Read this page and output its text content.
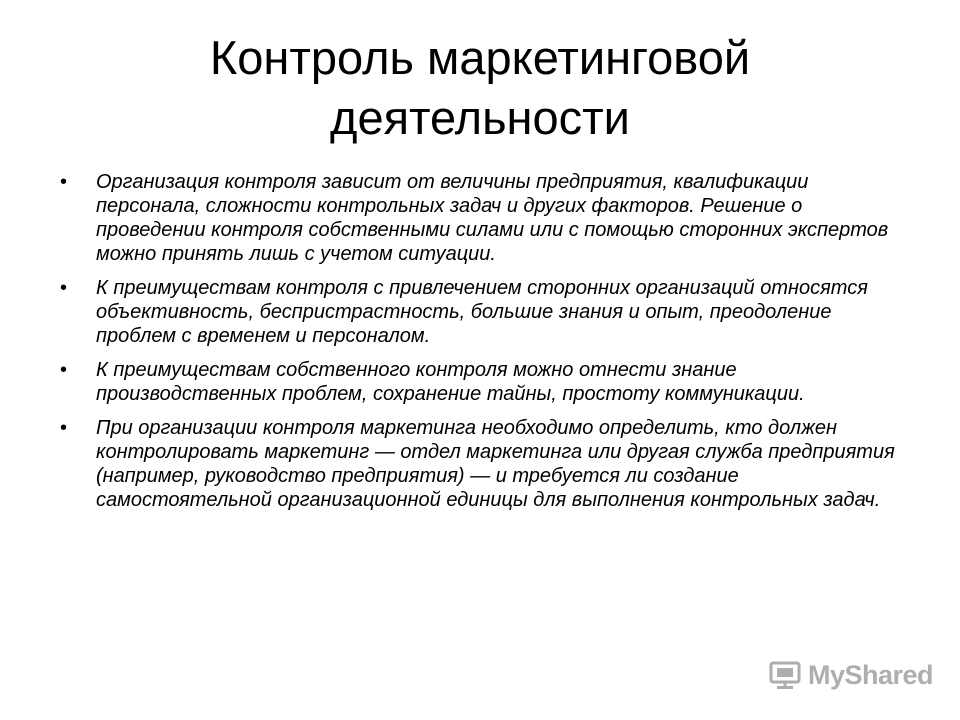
Контроль маркетинговой деятельности
• Организация контроля зависит от величины предприятия, квалификации персонала, сложности контрольных задач и других факторов. Решение о проведении контроля собственными силами или с помощью сторонних экспертов можно принять лишь с учетом ситуации.
• К преимуществам контроля с привлечением сторонних организаций относятся объективность, беспристрастность, большие знания и опыт, преодоление проблем с временем и персоналом.
• К преимуществам собственного контроля можно отнести знание производственных проблем, сохранение тайны, простоту коммуникации.
• При организации контроля маркетинга необходимо определить, кто должен контролировать маркетинг — отдел маркетинга или другая служба предприятия (например, руководство предприятия) — и требуется ли создание самостоятельной организационной единицы для выполнения контрольных задач.
MyShared
